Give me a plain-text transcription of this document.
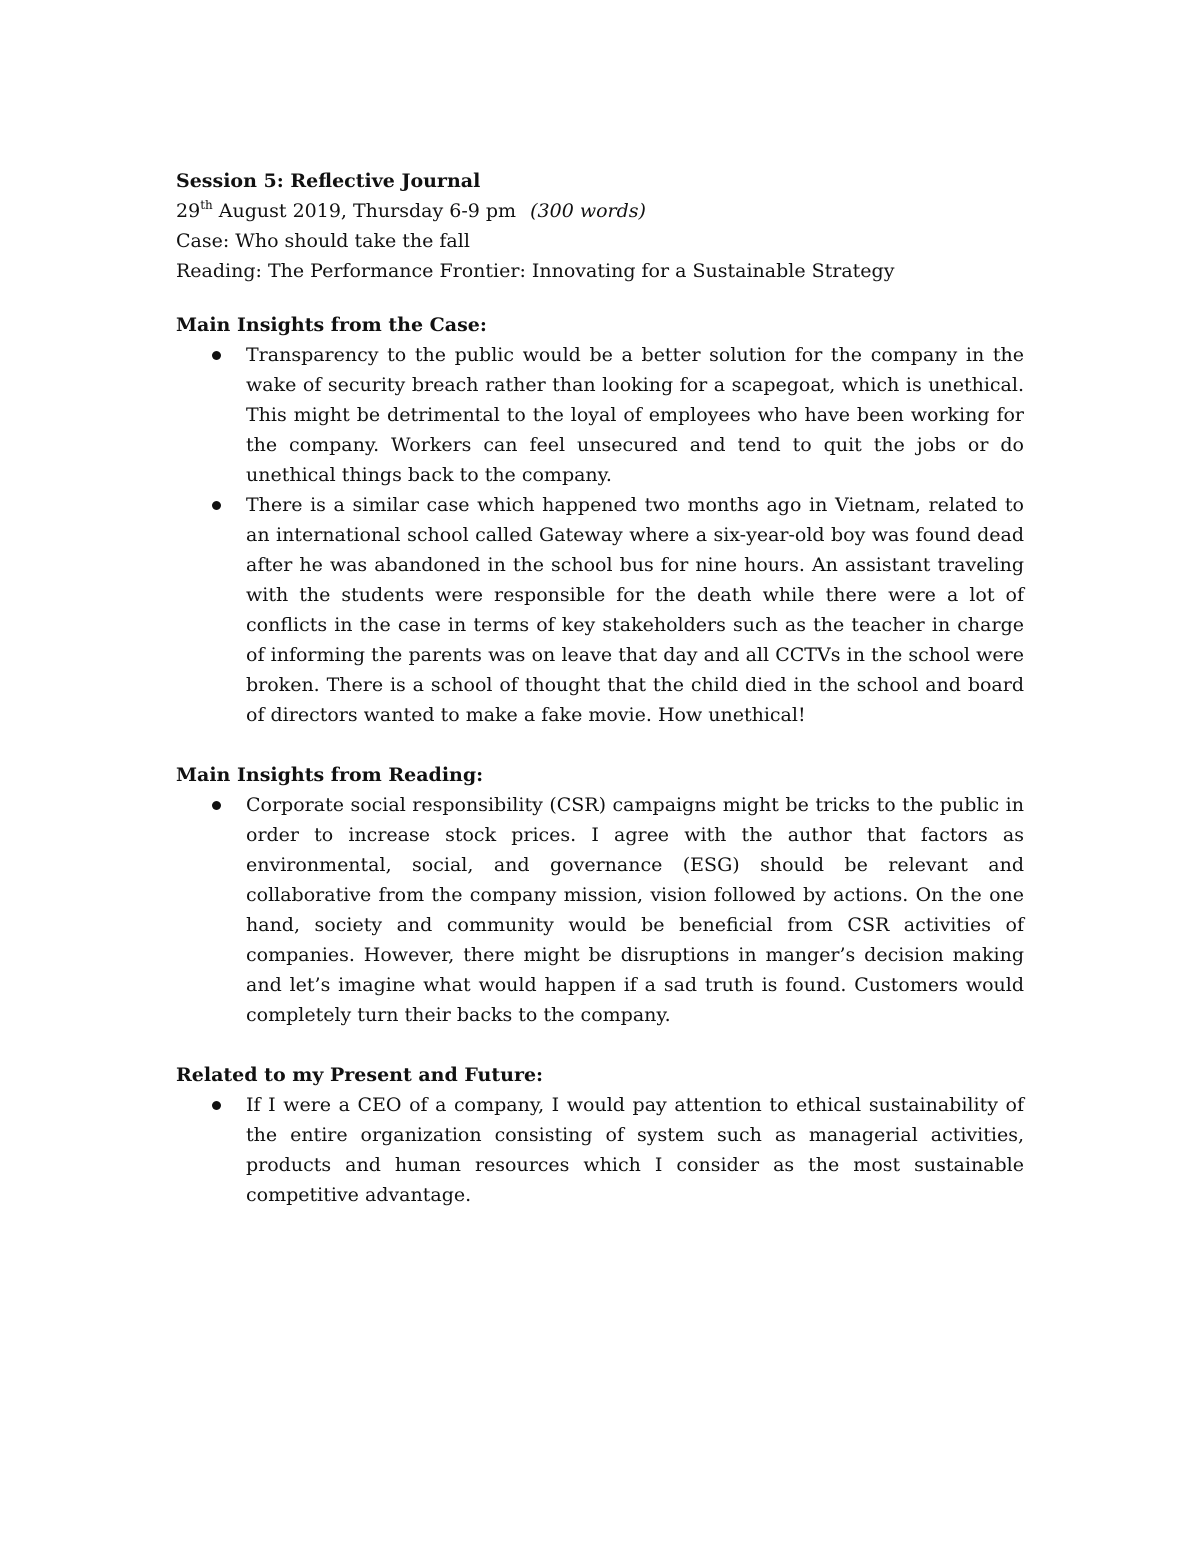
Session 5: Reflective Journal

29th August 2019, Thursday 6-9 pm (300 words)

Case: Who should take the fall

Reading: The Performance Frontier: Innovating for a Sustainable Strategy

Main Insights from the Case:

Transparency to the public would be a better solution for the company in the wake of security breach rather than looking for a scapegoat, which is unethical. This might be detrimental to the loyal of employees who have been working for the company. Workers can feel unsecured and tend to quit the jobs or do unethical things back to the company.
There is a similar case which happened two months ago in Vietnam, related to an international school called Gateway where a six-year-old boy was found dead after he was abandoned in the school bus for nine hours. An assistant traveling with the students were responsible for the death while there were a lot of conflicts in the case in terms of key stakeholders such as the teacher in charge of informing the parents was on leave that day and all CCTVs in the school were broken. There is a school of thought that the child died in the school and board of directors wanted to make a fake movie. How unethical!

Main Insights from Reading:

Corporate social responsibility (CSR) campaigns might be tricks to the public in order to increase stock prices. I agree with the author that factors as environmental, social, and governance (ESG) should be relevant and collaborative from the company mission, vision followed by actions. On the one hand, society and community would be beneficial from CSR activities of companies. However, there might be disruptions in manger’s decision making and let’s imagine what would happen if a sad truth is found. Customers would completely turn their backs to the company.

Related to my Present and Future:

If I were a CEO of a company, I would pay attention to ethical sustainability of the entire organization consisting of system such as managerial activities, products and human resources which I consider as the most sustainable competitive advantage.
